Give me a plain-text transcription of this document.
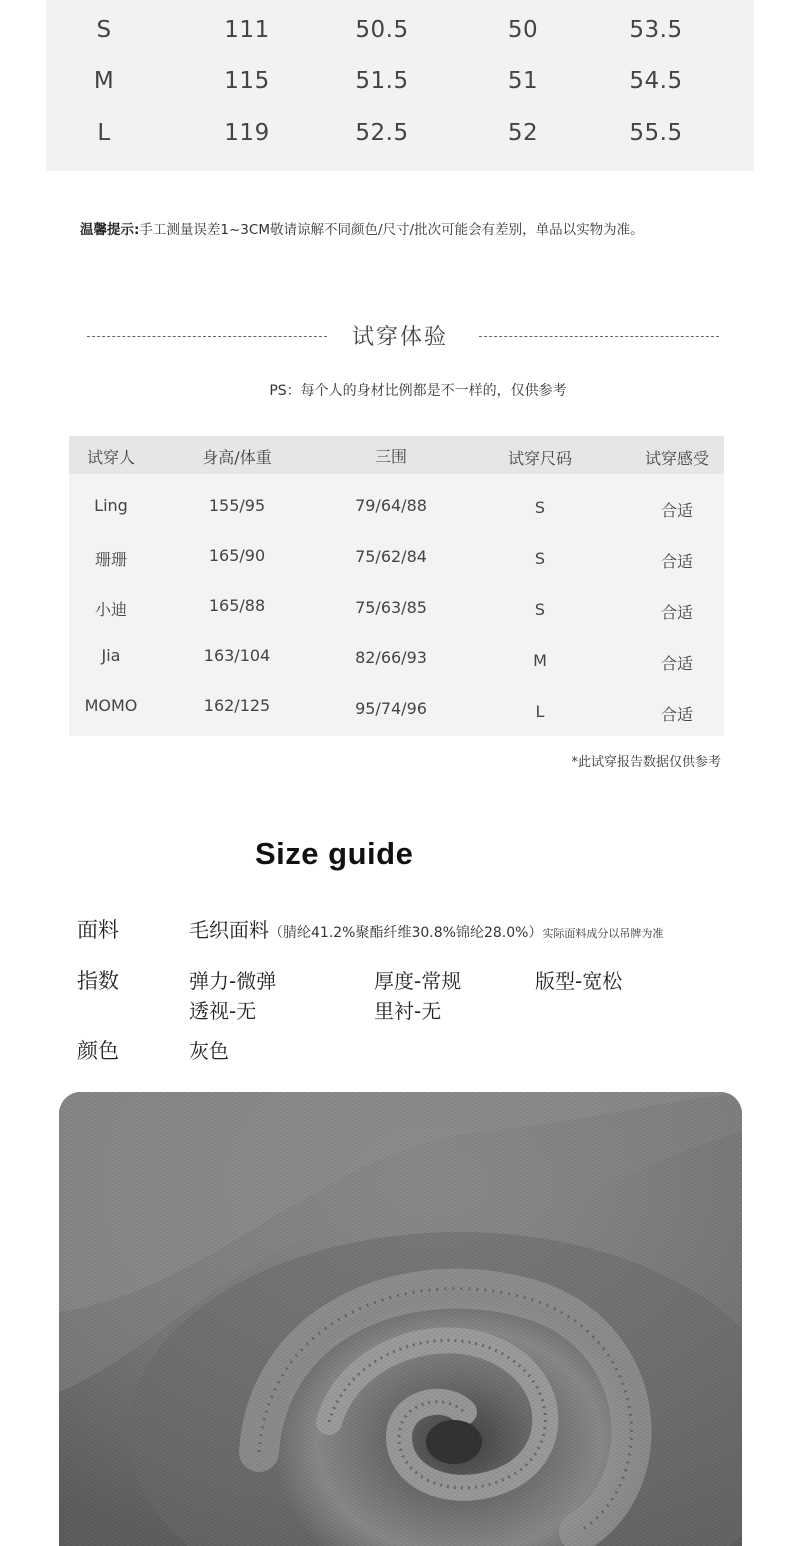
S	111	50.5	50	53.5
M	115	51.5	51	54.5
L	119	52.5	52	55.5
温馨提示:手工测量误差1~3CM敬请谅解不同颜色/尺寸/批次可能会有差别，单品以实物为准。
试穿体验
PS：每个人的身材比例都是不一样的，仅供参考
试穿人	身高/体重	三围	试穿尺码	试穿感受
Ling	155/95	79/64/88	S	合适
珊珊	165/90	75/62/84	S	合适
小迪	165/88	75/63/85	S	合适
Jia	163/104	82/66/93	M	合适
MOMO	162/125	95/74/96	L	合适
*此试穿报告数据仅供参考
Size guide
面料	毛织面料（腈纶41.2%聚酯纤维30.8%锦纶28.0%）实际面料成分以吊牌为准
指数	弹力-微弹	厚度-常规	版型-宽松
透视-无	里衬-无
颜色	灰色
